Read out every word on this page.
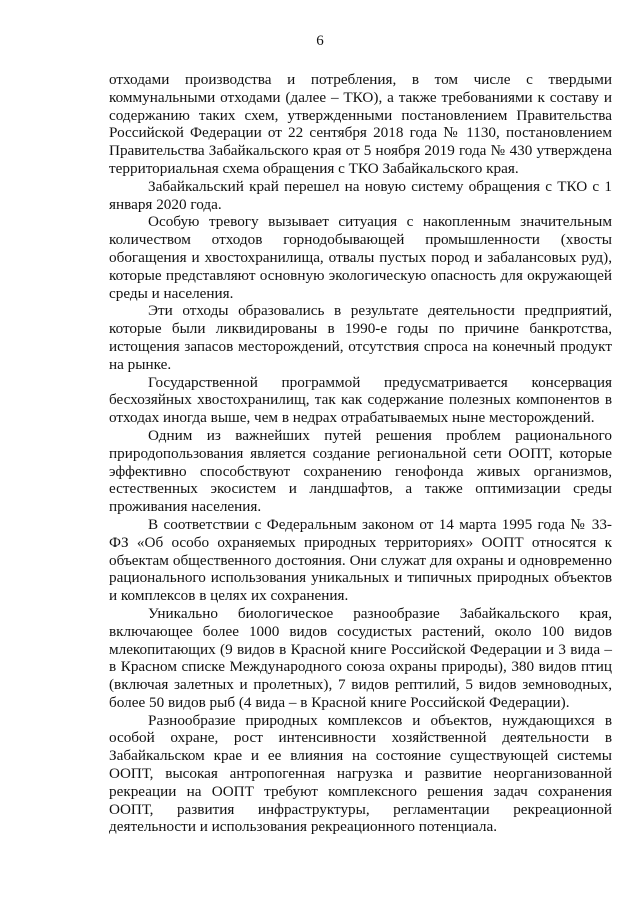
6

отходами производства и потребления, в том числе с твердыми коммунальными отходами (далее – ТКО), а также требованиями к составу и содержанию таких схем, утвержденными постановлением Правительства Российской Федерации от 22 сентября 2018 года № 1130, постановлением Правительства Забайкальского края от 5 ноября 2019 года № 430 утверждена территориальная схема обращения с ТКО Забайкальского края.

Забайкальский край перешел на новую систему обращения с ТКО с 1 января 2020 года.

Особую тревогу вызывает ситуация с накопленным значительным количеством отходов горнодобывающей промышленности (хвосты обогащения и хвостохранилища, отвалы пустых пород и забалансовых руд), которые представляют основную экологическую опасность для окружающей среды и населения.

Эти отходы образовались в результате деятельности предприятий, которые были ликвидированы в 1990-е годы по причине банкротства, истощения запасов месторождений, отсутствия спроса на конечный продукт на рынке.

Государственной программой предусматривается консервация бесхозяйных хвостохранилищ, так как содержание полезных компонентов в отходах иногда выше, чем в недрах отрабатываемых ныне месторождений.

Одним из важнейших путей решения проблем рационального природопользования является создание региональной сети ООПТ, которые эффективно способствуют сохранению генофонда живых организмов, естественных экосистем и ландшафтов, а также оптимизации среды проживания населения.

В соответствии с Федеральным законом от 14 марта 1995 года № 33-ФЗ «Об особо охраняемых природных территориях» ООПТ относятся к объектам общественного достояния. Они служат для охраны и одновременно рационального использования уникальных и типичных природных объектов и комплексов в целях их сохранения.

Уникально биологическое разнообразие Забайкальского края, включающее более 1000 видов сосудистых растений, около 100 видов млекопитающих (9 видов в Красной книге Российской Федерации и 3 вида – в Красном списке Международного союза охраны природы), 380 видов птиц (включая залетных и пролетных), 7 видов рептилий, 5 видов земноводных, более 50 видов рыб (4 вида – в Красной книге Российской Федерации).

Разнообразие природных комплексов и объектов, нуждающихся в особой охране, рост интенсивности хозяйственной деятельности в Забайкальском крае и ее влияния на состояние существующей системы ООПТ, высокая антропогенная нагрузка и развитие неорганизованной рекреации на ООПТ требуют комплексного решения задач сохранения ООПТ, развития инфраструктуры, регламентации рекреационной деятельности и использования рекреационного потенциала.
